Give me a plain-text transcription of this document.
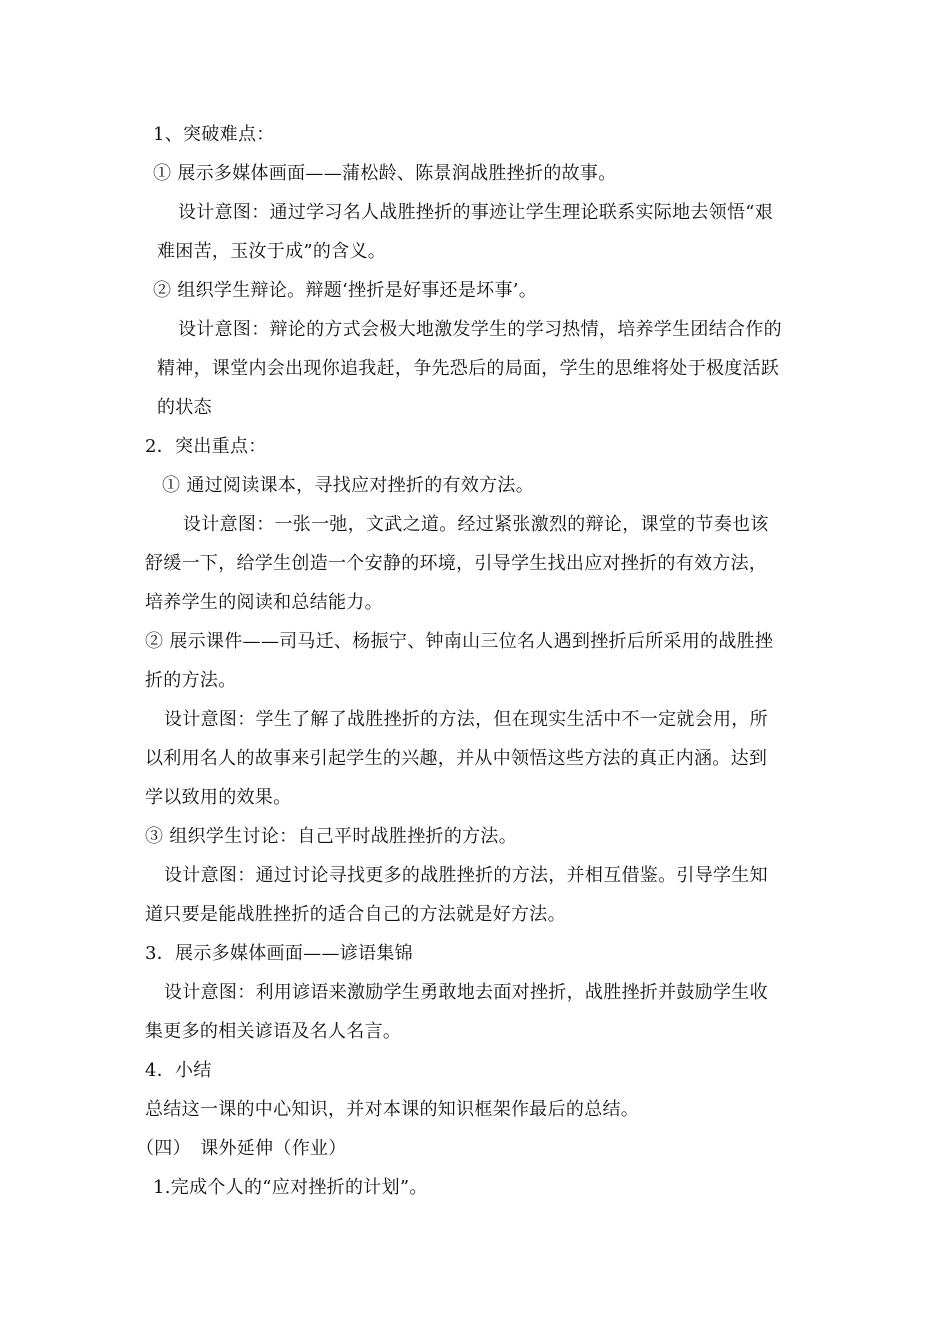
1、突破难点：
① 展示多媒体画面——蒲松龄、陈景润战胜挫折的故事。
设计意图：通过学习名人战胜挫折的事迹让学生理论联系实际地去领悟“艰
难困苦，玉汝于成”的含义。
② 组织学生辩论。辩题‘挫折是好事还是坏事’。
设计意图：辩论的方式会极大地激发学生的学习热情，培养学生团结合作的
精神，课堂内会出现你追我赶，争先恐后的局面，学生的思维将处于极度活跃
的状态
2．突出重点：
① 通过阅读课本，寻找应对挫折的有效方法。
设计意图：一张一弛，文武之道。经过紧张激烈的辩论，课堂的节奏也该
舒缓一下，给学生创造一个安静的环境，引导学生找出应对挫折的有效方法，
培养学生的阅读和总结能力。
② 展示课件——司马迁、杨振宁、钟南山三位名人遇到挫折后所采用的战胜挫
折的方法。
设计意图：学生了解了战胜挫折的方法，但在现实生活中不一定就会用，所
以利用名人的故事来引起学生的兴趣，并从中领悟这些方法的真正内涵。达到
学以致用的效果。
③ 组织学生讨论：自己平时战胜挫折的方法。
设计意图：通过讨论寻找更多的战胜挫折的方法，并相互借鉴。引导学生知
道只要是能战胜挫折的适合自己的方法就是好方法。
3．展示多媒体画面——谚语集锦
设计意图：利用谚语来激励学生勇敢地去面对挫折，战胜挫折并鼓励学生收
集更多的相关谚语及名人名言。
4．小结
总结这一课的中心知识，并对本课的知识框架作最后的总结。
（四）　课外延伸（作业）
1.完成个人的“应对挫折的计划”。
